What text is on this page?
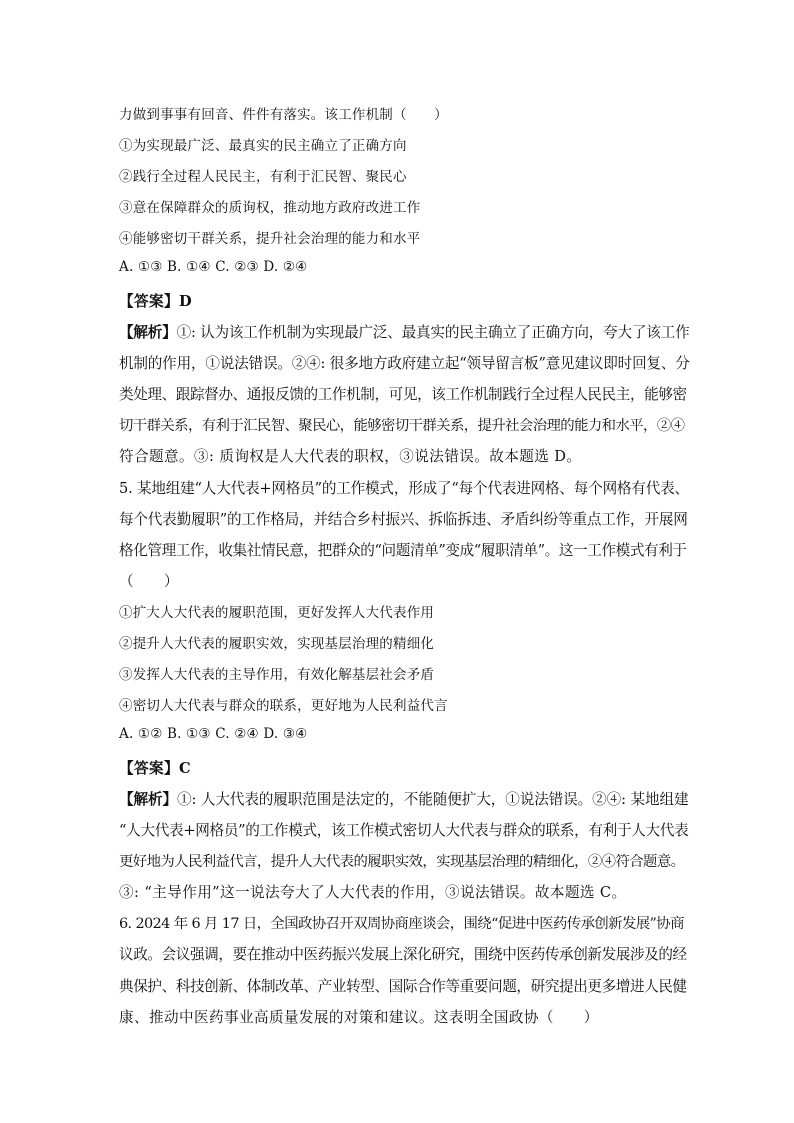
力做到事事有回音、件件有落实。该工作机制（　　）
①为实现最广泛、最真实的民主确立了正确方向
②践行全过程人民民主，有利于汇民智、聚民心
③意在保障群众的质询权，推动地方政府改进工作
④能够密切干群关系，提升社会治理的能力和水平
A. ①③ B. ①④ C. ②③ D. ②④
【答案】D
【解析】①: 认为该工作机制为实现最广泛、最真实的民主确立了正确方向，夸大了该工作
机制的作用，①说法错误。②④: 很多地方政府建立起“领导留言板”意见建议即时回复、分
类处理、跟踪督办、通报反馈的工作机制，可见，该工作机制践行全过程人民民主，能够密
切干群关系，有利于汇民智、聚民心，能够密切干群关系，提升社会治理的能力和水平，②④
符合题意。③: 质询权是人大代表的职权，③说法错误。故本题选 D。
5. 某地组建“人大代表+网格员”的工作模式，形成了“每个代表进网格、每个网格有代表、
每个代表勤履职”的工作格局，并结合乡村振兴、拆临拆违、矛盾纠纷等重点工作，开展网
格化管理工作，收集社情民意，把群众的“问题清单”变成“履职清单”。这一工作模式有利于
（　　）
①扩大人大代表的履职范围，更好发挥人大代表作用
②提升人大代表的履职实效，实现基层治理的精细化
③发挥人大代表的主导作用，有效化解基层社会矛盾
④密切人大代表与群众的联系，更好地为人民利益代言
A. ①② B. ①③ C. ②④ D. ③④
【答案】C
【解析】①: 人大代表的履职范围是法定的，不能随便扩大，①说法错误。②④: 某地组建
“人大代表+网格员”的工作模式，该工作模式密切人大代表与群众的联系，有利于人大代表
更好地为人民利益代言，提升人大代表的履职实效，实现基层治理的精细化，②④符合题意。
③: “主导作用”这一说法夸大了人大代表的作用，③说法错误。故本题选 C。
6. 2024 年 6 月 17 日，全国政协召开双周协商座谈会，围绕“促进中医药传承创新发展”协商
议政。会议强调，要在推动中医药振兴发展上深化研究，围绕中医药传承创新发展涉及的经
典保护、科技创新、体制改革、产业转型、国际合作等重要问题，研究提出更多增进人民健
康、推动中医药事业高质量发展的对策和建议。这表明全国政协（　　）
